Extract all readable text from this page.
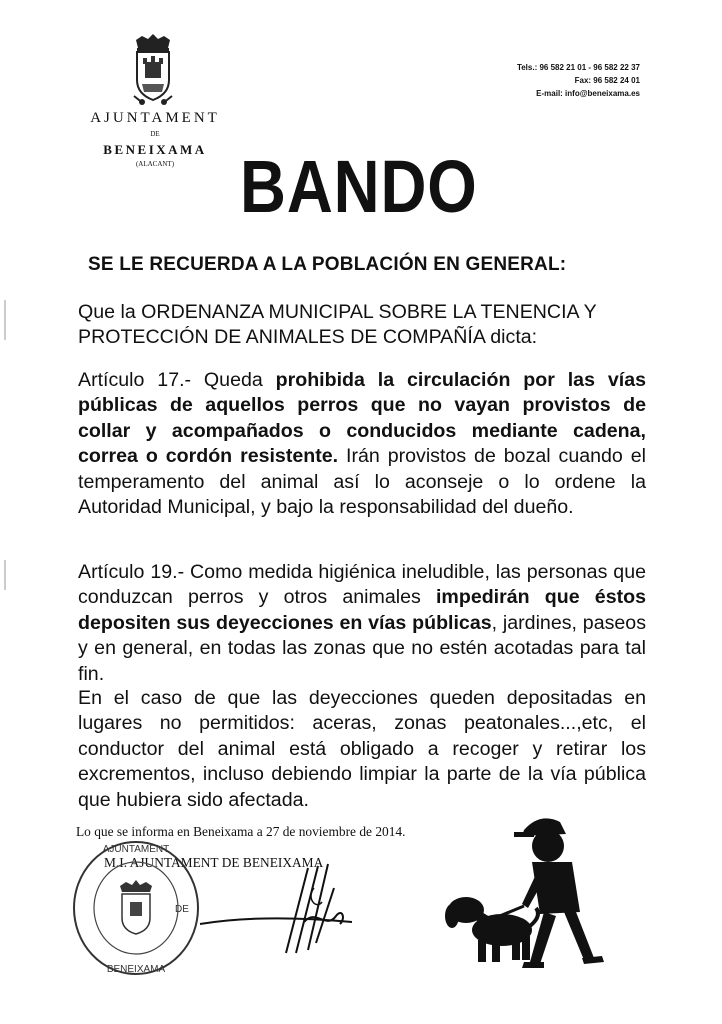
AJUNTAMENT
DE
BENEIXAMA
(ALACANT)
Tels.: 96 582 21 01 - 96 582 22 37
Fax: 96 582 24 01
E-mail: info@beneixama.es
BANDO
SE LE RECUERDA A LA POBLACIÓN EN GENERAL:
Que la ORDENANZA MUNICIPAL SOBRE LA TENENCIA Y PROTECCIÓN DE ANIMALES DE COMPAÑÍA dicta:
Artículo 17.- Queda prohibida la circulación por las vías públicas de aquellos perros que no vayan provistos de collar y acompañados o conducidos mediante cadena, correa o cordón resistente. Irán provistos de bozal cuando el temperamento del animal así lo aconseje o lo ordene la Autoridad Municipal, y bajo la responsabilidad del dueño.
Artículo 19.- Como medida higiénica ineludible, las personas que conduzcan perros y otros animales impedirán que éstos depositen sus deyecciones en vías públicas, jardines, paseos y en general, en todas las zonas que no estén acotadas para tal fin.
En el caso de que las deyecciones queden depositadas en lugares no permitidos: aceras, zonas peatonales...,etc, el conductor del animal está obligado a recoger y retirar los excrementos, incluso debiendo limpiar la parte de la vía pública que hubiera sido afectada.
Lo que se informa en Beneixama a 27 de noviembre de 2014.
M.I. AJUNTAMENT DE BENEIXAMA
AJUNTAMENT
BENEIXAMA
DE
